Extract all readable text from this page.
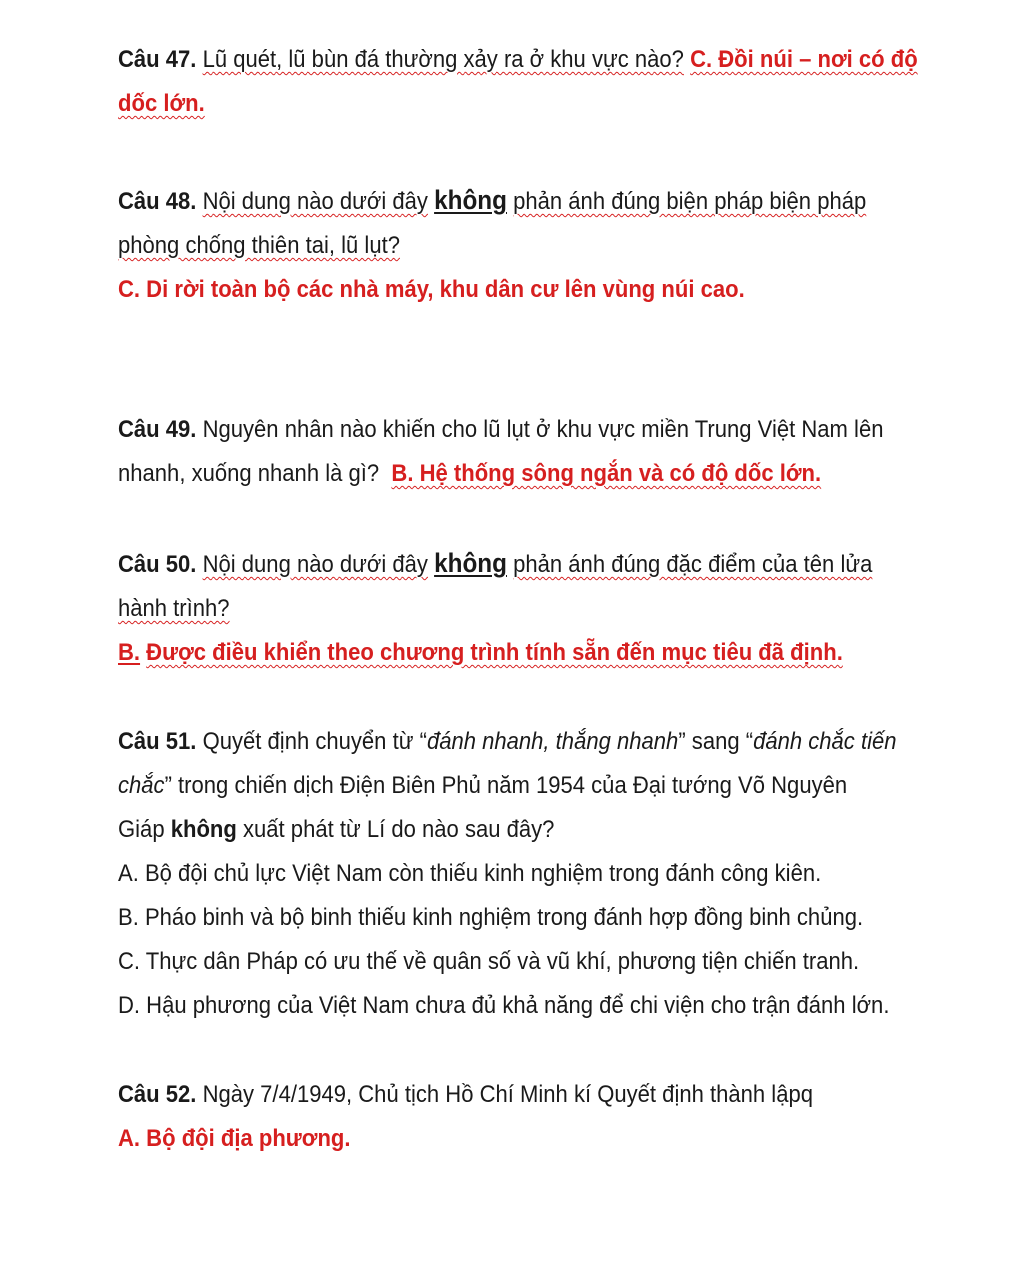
Câu 47. Lũ quét, lũ bùn đá thường xảy ra ở khu vực nào? C. Đồi núi – nơi có độ
dốc lớn.
Câu 48. Nội dung nào dưới đây không phản ánh đúng biện pháp biện pháp
phòng chống thiên tai, lũ lụt?
C. Di rời toàn bộ các nhà máy, khu dân cư lên vùng núi cao.
Câu 49. Nguyên nhân nào khiến cho lũ lụt ở khu vực miền Trung Việt Nam lên
nhanh, xuống nhanh là gì? B. Hệ thống sông ngắn và có độ dốc lớn.
Câu 50. Nội dung nào dưới đây không phản ánh đúng đặc điểm của tên lửa
hành trình?
B. Được điều khiển theo chương trình tính sẵn đến mục tiêu đã định.
Câu 51. Quyết định chuyển từ “đánh nhanh, thắng nhanh” sang “đánh chắc tiến
chắc” trong chiến dịch Điện Biên Phủ năm 1954 của Đại tướng Võ Nguyên
Giáp không xuất phát từ Lí do nào sau đây?
A. Bộ đội chủ lực Việt Nam còn thiếu kinh nghiệm trong đánh công kiên.
B. Pháo binh và bộ binh thiếu kinh nghiệm trong đánh hợp đồng binh chủng.
C. Thực dân Pháp có ưu thế về quân số và vũ khí, phương tiện chiến tranh.
D. Hậu phương của Việt Nam chưa đủ khả năng để chi viện cho trận đánh lớn.
Câu 52. Ngày 7/4/1949, Chủ tịch Hồ Chí Minh kí Quyết định thành lậpq
A. Bộ đội địa phương.
